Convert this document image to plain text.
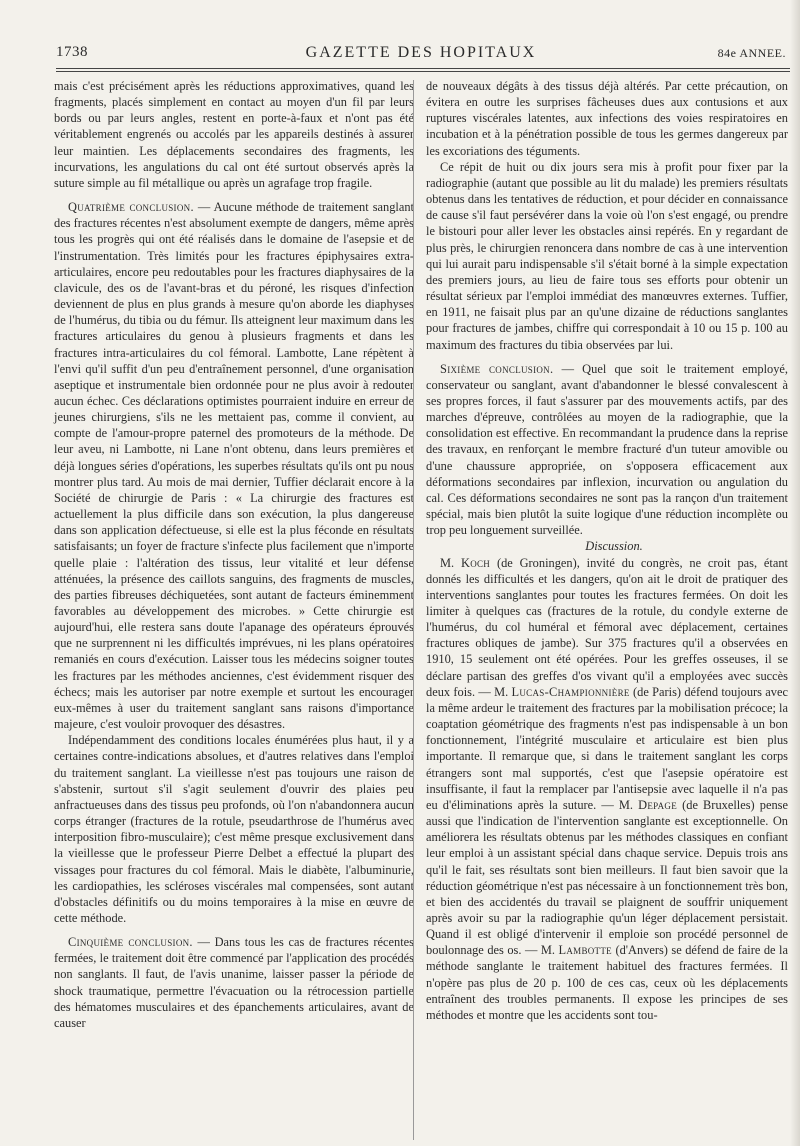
1738	GAZETTE DES HOPITAUX	84e ANNEE.

mais c'est précisément après les réductions approximatives, quand les fragments, placés simplement en contact au moyen d'un fil par leurs bords ou par leurs angles, restent en porte-à-faux et n'ont pas été véritablement engrenés ou accolés par les appareils destinés à assurer leur maintien. Les déplacements secondaires des fragments, les incurvations, les angulations du cal ont été surtout observés après la suture simple au fil métallique ou après un agrafage trop fragile.

Quatrième conclusion. — Aucune méthode de traitement sanglant des fractures récentes n'est absolument exempte de dangers, même après tous les progrès qui ont été réalisés dans le domaine de l'asepsie et de l'instrumentation. Très limités pour les fractures épiphysaires extra-articulaires, encore peu redoutables pour les fractures diaphysaires de la clavicule, des os de l'avant-bras et du péroné, les risques d'infection deviennent de plus en plus grands à mesure qu'on aborde les diaphyses de l'humérus, du tibia ou du fémur. Ils atteignent leur maximum dans les fractures articulaires du genou à plusieurs fragments et dans les fractures intra-articulaires du col fémoral. Lambotte, Lane répètent à l'envi qu'il suffit d'un peu d'entraînement personnel, d'une organisation aseptique et instrumentale bien ordonnée pour ne plus avoir à redouter aucun échec. Ces déclarations optimistes pourraient induire en erreur de jeunes chirurgiens, s'ils ne les mettaient pas, comme il convient, au compte de l'amour-propre paternel des promoteurs de la méthode. De leur aveu, ni Lambotte, ni Lane n'ont obtenu, dans leurs premières et déjà longues séries d'opérations, les superbes résultats qu'ils ont pu nous montrer plus tard. Au mois de mai dernier, Tuffier déclarait encore à la Société de chirurgie de Paris : « La chirurgie des fractures est actuellement la plus difficile dans son exécution, la plus dangereuse dans son application défectueuse, si elle est la plus féconde en résultats satisfaisants; un foyer de fracture s'infecte plus facilement que n'importe quelle plaie : l'altération des tissus, leur vitalité et leur défense atténuées, la présence des caillots sanguins, des fragments de muscles, des parties fibreuses déchiquetées, sont autant de facteurs éminemment favorables au développement des microbes. » Cette chirurgie est aujourd'hui, elle restera sans doute l'apanage des opérateurs éprouvés que ne surprennent ni les difficultés imprévues, ni les plans opératoires remaniés en cours d'exécution. Laisser tous les médecins soigner toutes les fractures par les méthodes anciennes, c'est évidemment risquer des échecs; mais les autoriser par notre exemple et surtout les encourager eux-mêmes à user du traitement sanglant sans raisons d'importance majeure, c'est vouloir provoquer des désastres.

Indépendamment des conditions locales énumérées plus haut, il y a certaines contre-indications absolues, et d'autres relatives dans l'emploi du traitement sanglant. La vieillesse n'est pas toujours une raison de s'abstenir, surtout s'il s'agit seulement d'ouvrir des plaies peu anfractueuses dans des tissus peu profonds, où l'on n'abandonnera aucun corps étranger (fractures de la rotule, pseudarthrose de l'humérus avec interposition fibro-musculaire); c'est même presque exclusivement dans la vieillesse que le professeur Pierre Delbet a effectué la plupart des vissages pour fractures du col fémoral. Mais le diabète, l'albuminurie, les cardiopathies, les scléroses viscérales mal compensées, sont autant d'obstacles définitifs ou du moins temporaires à la mise en œuvre de cette méthode.

Cinquième conclusion. — Dans tous les cas de fractures récentes fermées, le traitement doit être commencé par l'application des procédés non sanglants. Il faut, de l'avis unanime, laisser passer la période de shock traumatique, permettre l'évacuation ou la rétrocession partielle des hématomes musculaires et des épanchements articulaires, avant de causer

de nouveaux dégâts à des tissus déjà altérés. Par cette précaution, on évitera en outre les surprises fâcheuses dues aux contusions et aux ruptures viscérales latentes, aux infections des voies respiratoires en incubation et à la pénétration possible de tous les germes dangereux par les excoriations des téguments.

Ce répit de huit ou dix jours sera mis à profit pour fixer par la radiographie (autant que possible au lit du malade) les premiers résultats obtenus dans les tentatives de réduction, et pour décider en connaissance de cause s'il faut persévérer dans la voie où l'on s'est engagé, ou prendre le bistouri pour aller lever les obstacles ainsi repérés. En y regardant de plus près, le chirurgien renoncera dans nombre de cas à une intervention qui lui aurait paru indispensable s'il s'était borné à la simple expectation des premiers jours, au lieu de faire tous ses efforts pour obtenir un résultat sérieux par l'emploi immédiat des manœuvres externes. Tuffier, en 1911, ne faisait plus par an qu'une dizaine de réductions sanglantes pour fractures de jambes, chiffre qui correspondait à 10 ou 15 p. 100 au maximum des fractures du tibia observées par lui.

Sixième conclusion. — Quel que soit le traitement employé, conservateur ou sanglant, avant d'abandonner le blessé convalescent à ses propres forces, il faut s'assurer par des mouvements actifs, par des marches d'épreuve, contrôlées au moyen de la radiographie, que la consolidation est effective. En recommandant la prudence dans la reprise des travaux, en renforçant le membre fracturé d'un tuteur amovible ou d'une chaussure appropriée, on s'opposera efficacement aux déformations secondaires par inflexion, incurvation ou angulation du cal. Ces déformations secondaires ne sont pas la rançon d'un traitement spécial, mais bien plutôt la suite logique d'une réduction incomplète ou trop peu longuement surveillée.

Discussion.

M. Koch (de Groningen), invité du congrès, ne croit pas, étant donnés les difficultés et les dangers, qu'on ait le droit de pratiquer des interventions sanglantes pour toutes les fractures fermées. On doit les limiter à quelques cas (fractures de la rotule, du condyle externe de l'humérus, du col huméral et fémoral avec déplacement, certaines fractures obliques de jambe). Sur 375 fractures qu'il a observées en 1910, 15 seulement ont été opérées. Pour les greffes osseuses, il se déclare partisan des greffes d'os vivant qu'il a employées avec succès deux fois. — M. Lucas-Championnière (de Paris) défend toujours avec la même ardeur le traitement des fractures par la mobilisation précoce; la coaptation géométrique des fragments n'est pas indispensable à un bon fonctionnement, l'intégrité musculaire et articulaire est bien plus importante. Il remarque que, si dans le traitement sanglant les corps étrangers sont mal supportés, c'est que l'asepsie opératoire est insuffisante, il faut la remplacer par l'antisepsie avec laquelle il n'a pas eu d'éliminations après la suture. — M. Depage (de Bruxelles) pense aussi que l'indication de l'intervention sanglante est exceptionnelle. On améliorera les résultats obtenus par les méthodes classiques en confiant leur emploi à un assistant spécial dans chaque service. Depuis trois ans qu'il le fait, ses résultats sont bien meilleurs. Il faut bien savoir que la réduction géométrique n'est pas nécessaire à un fonctionnement très bon, et bien des accidentés du travail se plaignent de souffrir uniquement après avoir su par la radiographie qu'un léger déplacement persistait. Quand il est obligé d'intervenir il emploie son procédé personnel de boulonnage des os. — M. Lambotte (d'Anvers) se défend de faire de la méthode sanglante le traitement habituel des fractures fermées. Il n'opère pas plus de 20 p. 100 de ces cas, ceux où les déplacements entraînent des troubles permanents. Il expose les principes de ses méthodes et montre que les accidents sont tou-
